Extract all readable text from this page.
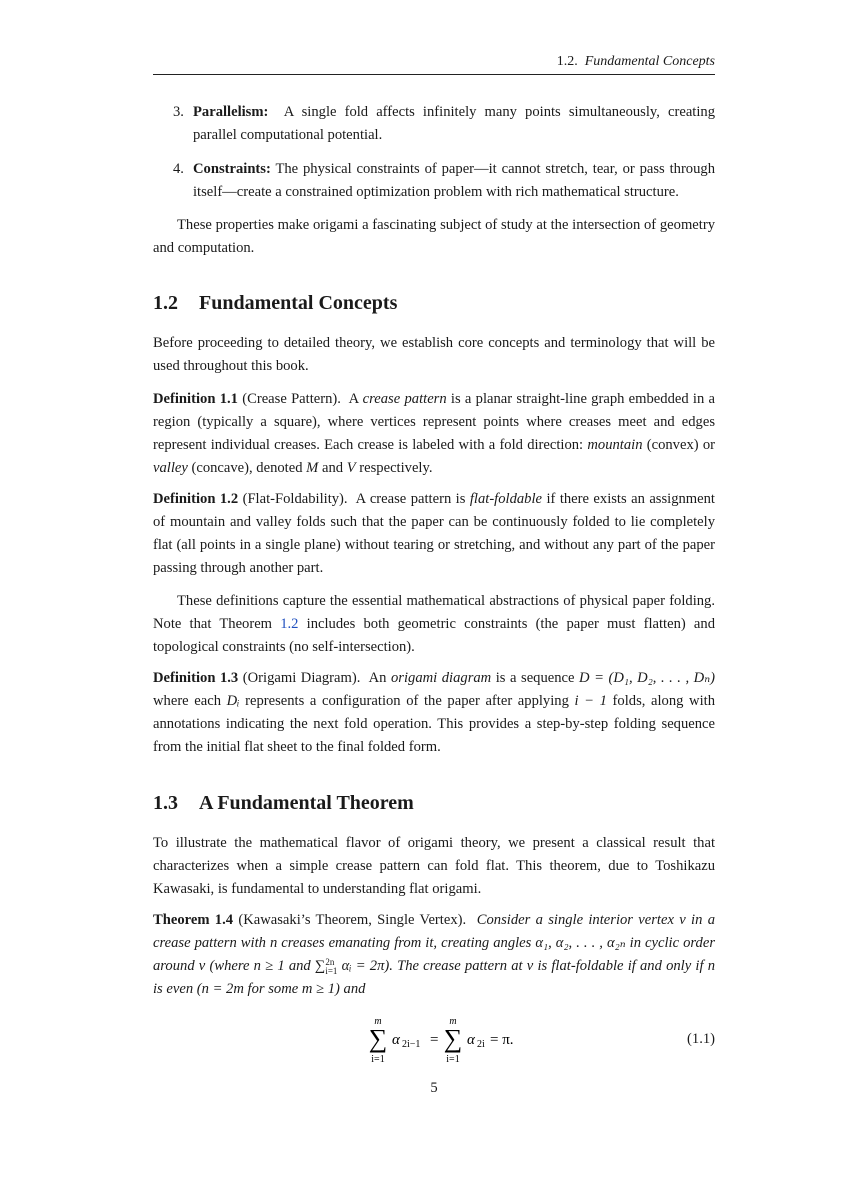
1.2. Fundamental Concepts
3. Parallelism: A single fold affects infinitely many points simultaneously, creating parallel computational potential.
4. Constraints: The physical constraints of paper—it cannot stretch, tear, or pass through itself—create a constrained optimization problem with rich mathematical structure.

These properties make origami a fascinating subject of study at the intersection of geometry and computation.

1.2 Fundamental Concepts

Before proceeding to detailed theory, we establish core concepts and terminology that will be used throughout this book.

Definition 1.1 (Crease Pattern). A crease pattern is a planar straight-line graph embedded in a region (typically a square), where vertices represent points where creases meet and edges represent individual creases. Each crease is labeled with a fold direction: mountain (convex) or valley (concave), denoted M and V respectively.
Definition 1.2 (Flat-Foldability). A crease pattern is flat-foldable if there exists an assignment of mountain and valley folds such that the paper can be continuously folded to lie completely flat (all points in a single plane) without tearing or stretching, and without any part of the paper passing through another part.

These definitions capture the essential mathematical abstractions of physical paper folding. Note that Theorem 1.2 includes both geometric constraints (the paper must flatten) and topological constraints (no self-intersection).

Definition 1.3 (Origami Diagram). An origami diagram is a sequence D = (D₁, D₂, . . . , Dₙ) where each Dᵢ represents a configuration of the paper after applying i − 1 folds, along with annotations indicating the next fold operation. This provides a step-by-step folding sequence from the initial flat sheet to the final folded form.
1.3 A Fundamental Theorem

To illustrate the mathematical flavor of origami theory, we present a classical result that characterizes when a simple crease pattern can fold flat. This theorem, due to Toshikazu Kawasaki, is fundamental to understanding flat origami.

Theorem 1.4 (Kawasaki’s Theorem, Single Vertex). Consider a single interior vertex v in a crease pattern with n creases emanating from it, creating angles α₁, α₂, . . . , α₂ₙ in cyclic order around v (where n ≥ 1 and ∑2n
i=1 αᵢ = 2π). The crease pattern at v is flat-foldable if and only if n is even (n = 2m for some m ≥ 1) and
m
∑
i=1
α 2i−1 =
m
∑
i=1
α 2i = π.	(1.1)
5
